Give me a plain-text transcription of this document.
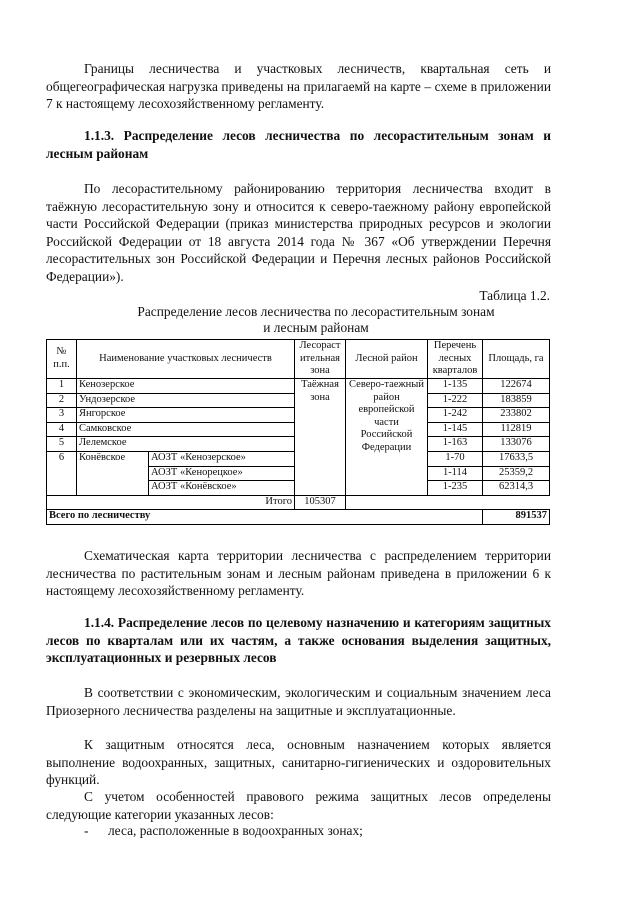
Границы лесничества и участковых лесничеств, квартальная сеть и общегеографическая нагрузка приведены на прилагаемй на карте – схеме в приложении 7 к настоящему лесохозяйственному регламенту.

1.1.3. Распределение лесов лесничества по лесорастительным зонам и лесным районам

По лесорастительному районированию территория лесничества входит в таёжную лесорастительную зону и относится к северо-таежному району европейской части Российской Федерации (приказ министерства природных ресурсов и экологии Российской Федерации от 18 августа 2014 года № 367 «Об утверждении Перечня лесорастительных зон Российской Федерации и Перечня лесных районов Российской Федерации»).

Таблица 1.2.
Распределение лесов лесничества по лесорастительным зонам
и лесным районам
№ п.п.	Наименование участковых лесничеств		Лесораст ительная зона	Лесной район	Перечень лесных кварталов	Площадь, га
1	Кенозерское		Таёжная зона	Северо-таежный район европейской части Российской Федерации	1-135	122674
2	Ундозерское				1-222	183859
3	Янгорское				1-242	233802
4	Самковское				1-145	112819
5	Лелемское				1-163	133076
6	Конёвское	АОЗТ «Кенозерское»			1-70	17633,5
		АОЗТ «Кенорецкое»			1-114	25359,2
		АОЗТ «Конёвское»			1-235	62314,3
Итого			105307			
Всего по лесничеству						891537

Схематическая карта территории лесничества с распределением территории лесничества по растительным зонам и лесным районам приведена в приложении 6 к настоящему лесохозяйственному регламенту.

1.1.4. Распределение лесов по целевому назначению и категориям защитных лесов по кварталам или их частям, а также основания выделения защитных, эксплуатационных и резервных лесов

В соответствии с экономическим, экологическим и социальным значением леса Приозерного лесничества разделены на защитные и эксплуатационные.

К защитным относятся леса, основным назначением которых является выполнение водоохранных, защитных, санитарно-гигиенических и оздоровительных функций.

С учетом особенностей правового режима защитных лесов определены следующие категории указанных лесов:

- леса, расположенные в водоохранных зонах;
